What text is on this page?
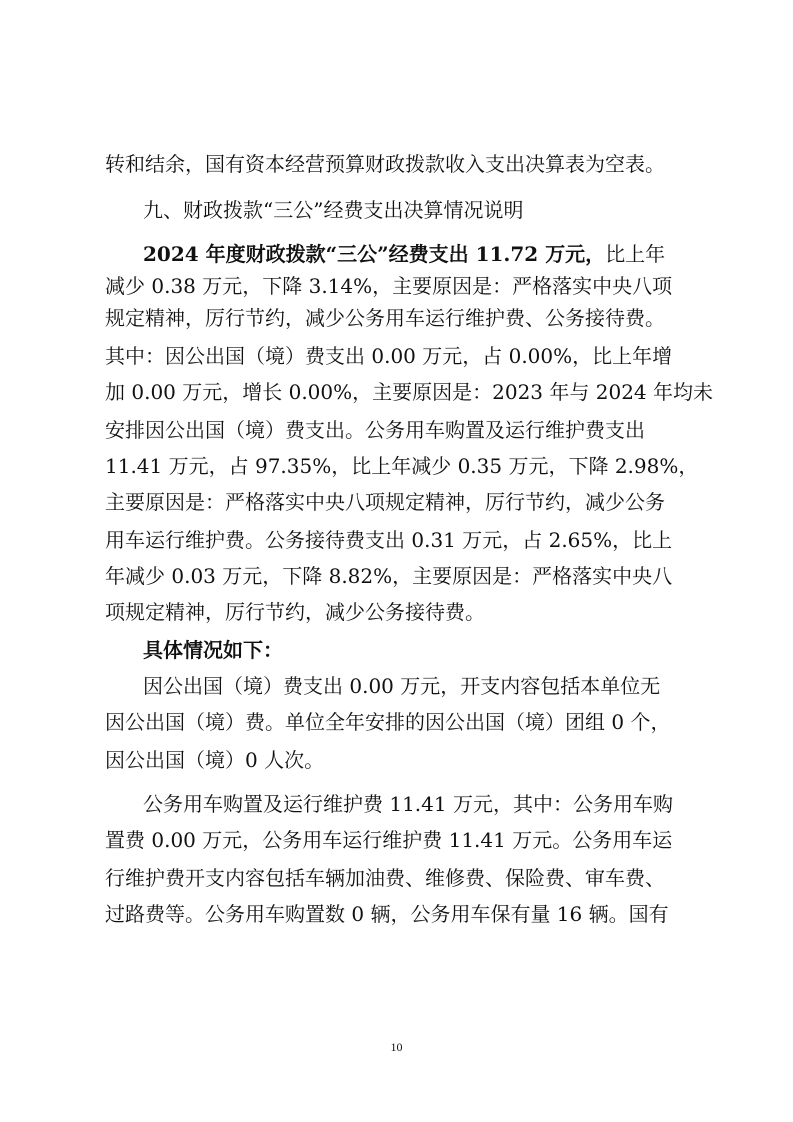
转和结余，国有资本经营预算财政拨款收入支出决算表为空表。
九、财政拨款“三公”经费支出决算情况说明
2024 年度财政拨款“三公”经费支出 11.72 万元，比上年
减少 0.38 万元，下降 3.14%，主要原因是：严格落实中央八项
规定精神，厉行节约，减少公务用车运行维护费、公务接待费。
其中：因公出国（境）费支出 0.00 万元，占 0.00%，比上年增
加 0.00 万元，增长 0.00%，主要原因是：2023 年与 2024 年均未
安排因公出国（境）费支出。公务用车购置及运行维护费支出
11.41 万元，占 97.35%，比上年减少 0.35 万元，下降 2.98%，
主要原因是：严格落实中央八项规定精神，厉行节约，减少公务
用车运行维护费。公务接待费支出 0.31 万元，占 2.65%，比上
年减少 0.03 万元，下降 8.82%，主要原因是：严格落实中央八
项规定精神，厉行节约，减少公务接待费。
具体情况如下：
因公出国（境）费支出 0.00 万元，开支内容包括本单位无
因公出国（境）费。单位全年安排的因公出国（境）团组 0 个，
因公出国（境）0 人次。
公务用车购置及运行维护费 11.41 万元，其中：公务用车购
置费 0.00 万元，公务用车运行维护费 11.41 万元。公务用车运
行维护费开支内容包括车辆加油费、维修费、保险费、审车费、
过路费等。公务用车购置数 0 辆，公务用车保有量 16 辆。国有
10
